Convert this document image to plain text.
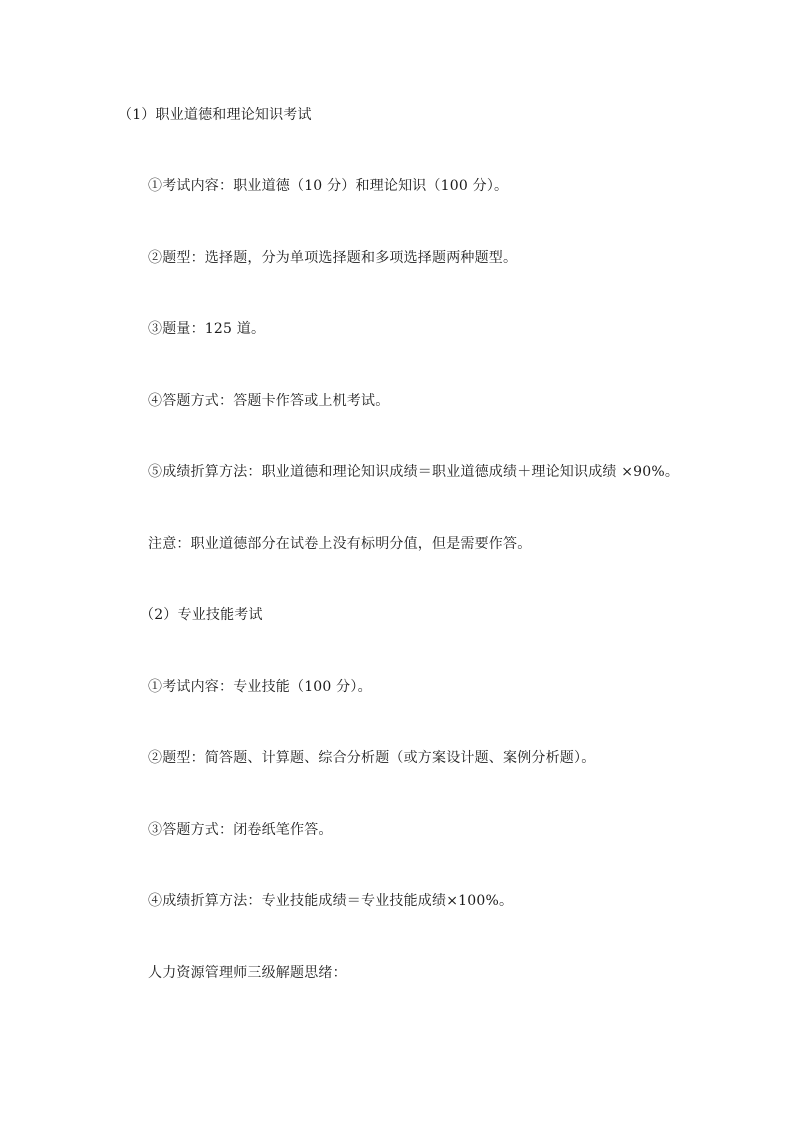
（1）职业道德和理论知识考试
①考试内容：职业道德（10 分）和理论知识（100 分）。
②题型：选择题，分为单项选择题和多项选择题两种题型。
③题量：125 道。
④答题方式：答题卡作答或上机考试。
⑤成绩折算方法：职业道德和理论知识成绩＝职业道德成绩＋理论知识成绩 ×90%。
注意：职业道德部分在试卷上没有标明分值，但是需要作答。
（2）专业技能考试
①考试内容：专业技能（100 分）。
②题型：简答题、计算题、综合分析题（或方案设计题、案例分析题）。
③答题方式：闭卷纸笔作答。
④成绩折算方法：专业技能成绩＝专业技能成绩×100%。
人力资源管理师三级解题思绪：
